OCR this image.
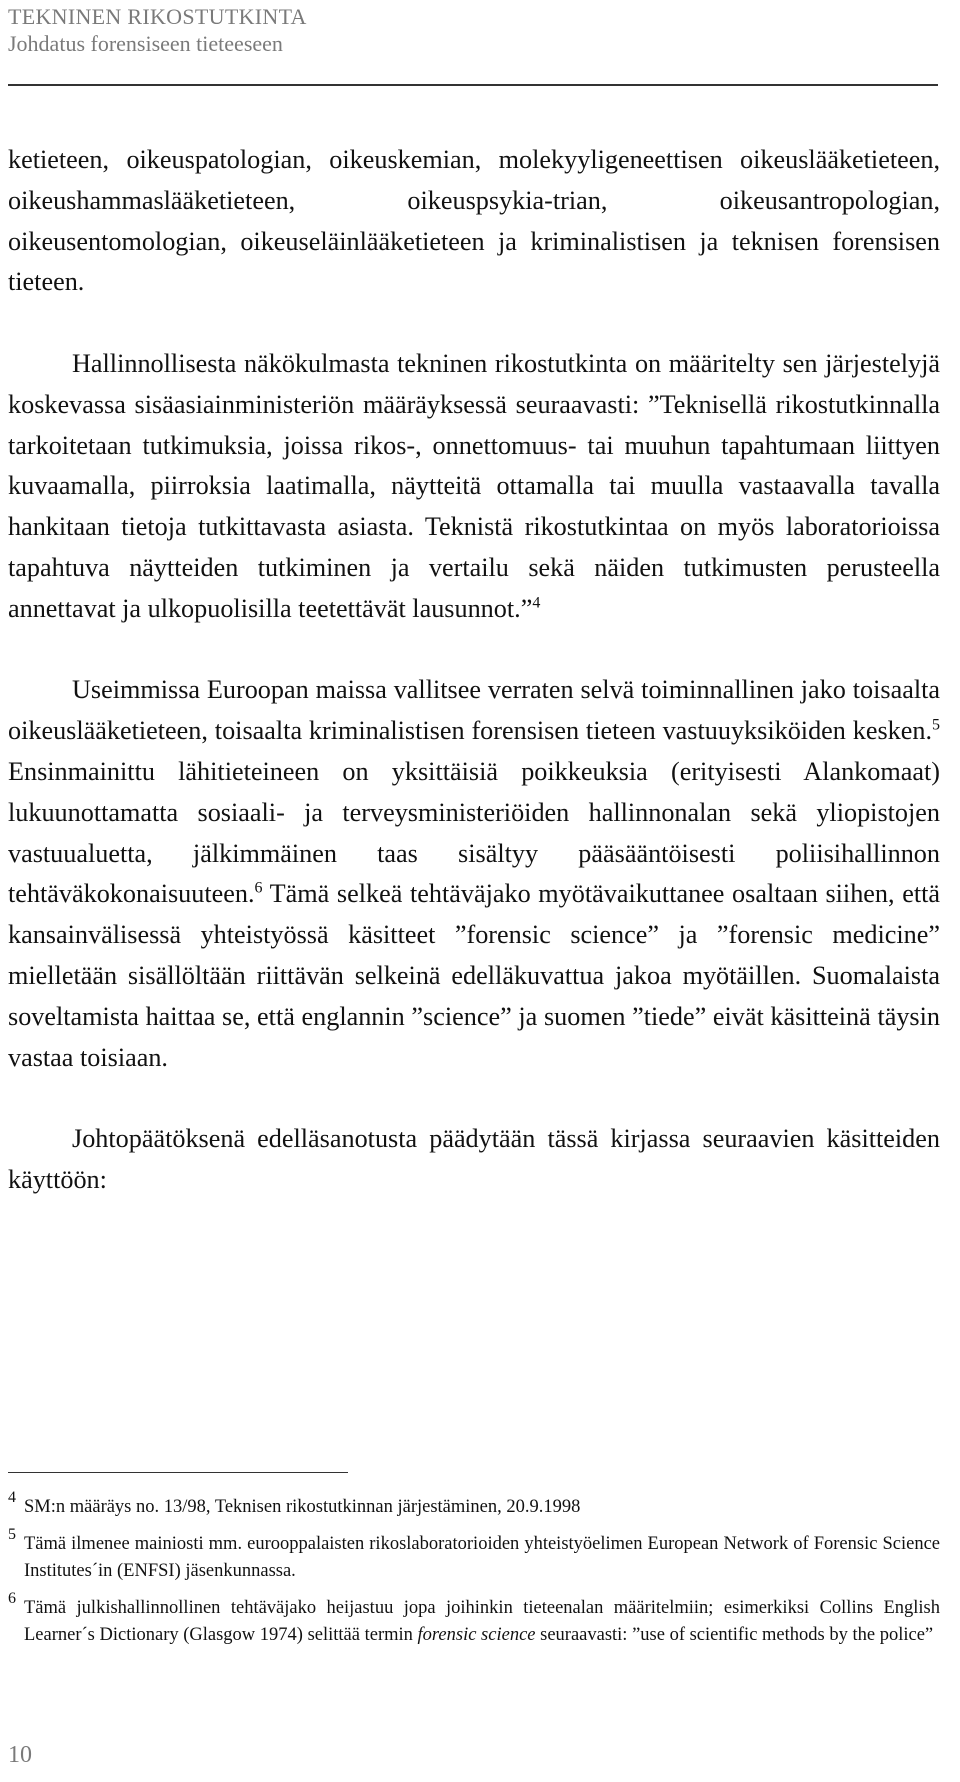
TEKNINEN RIKOSTUTKINTA
Johdatus forensiseen tieteeseen

ketieteen, oikeuspatologian, oikeuskemian, molekyyligeneettisen oikeuslääketieteen, oikeushammaslääketieteen, oikeuspsykia-trian, oikeusantropologian, oikeusentomologian, oikeuseläinlääketieteen ja kriminalistisen ja teknisen forensisen tieteen.

Hallinnollisesta näkökulmasta tekninen rikostutkinta on määritelty sen järjestelyjä koskevassa sisäasiainministeriön määräyksessä seuraavasti: ”Teknisellä rikostutkinnalla tarkoitetaan tutkimuksia, joissa rikos-, onnettomuus- tai muuhun tapahtumaan liittyen kuvaamalla, piirroksia laatimalla, näytteitä ottamalla tai muulla vastaavalla tavalla hankitaan tietoja tutkittavasta asiasta. Teknistä rikostutkintaa on myös laboratorioissa tapahtuva näytteiden tutkiminen ja vertailu sekä näiden tutkimusten perusteella annettavat ja ulkopuolisilla teetettävät lausunnot.”$^4$

Useimmissa Euroopan maissa vallitsee verraten selvä toiminnallinen jako toisaalta oikeuslääketieteen, toisaalta kriminalistisen forensisen tieteen vastuuyksiköiden kesken.$^5$ Ensinmainittu lähitieteineen on yksittäisiä poikkeuksia (erityisesti Alankomaat) lukuunottamatta sosiaali- ja terveysministeriöiden hallinnonalan sekä yliopistojen vastuualuetta, jälkimmäinen taas sisältyy pääsääntöisesti poliisihallinnon tehtäväkokonaisuuteen.$^6$ Tämä selkeä tehtäväjako myötävaikuttanee osaltaan siihen, että kansainvälisessä yhteistyössä käsitteet ”forensic science” ja ”forensic medicine” mielletään sisällöltään riittävän selkeinä edelläkuvattua jakoa myötäillen. Suomalaista soveltamista haittaa se, että englannin ”science” ja suomen ”tiede” eivät käsitteinä täysin vastaa toisiaan.

Johtopäätöksenä edelläsanotusta päädytään tässä kirjassa seuraavien käsitteiden käyttöön:

4 SM:n määräys no. 13/98, Teknisen rikostutkinnan järjestäminen, 20.9.1998
5 Tämä ilmenee mainiosti mm. eurooppalaisten rikoslaboratorioiden yhteistyöelimen European Network of Forensic Science Institutes´in (ENFSI) jäsenkunnassa.
6 Tämä julkishallinnollinen tehtäväjako heijastuu jopa joihinkin tieteenalan määritelmiin; esimerkiksi Collins English Learner´s Dictionary (Glasgow 1974) selittää termin forensic science seuraavasti: ”use of scientific methods by the police”
10
